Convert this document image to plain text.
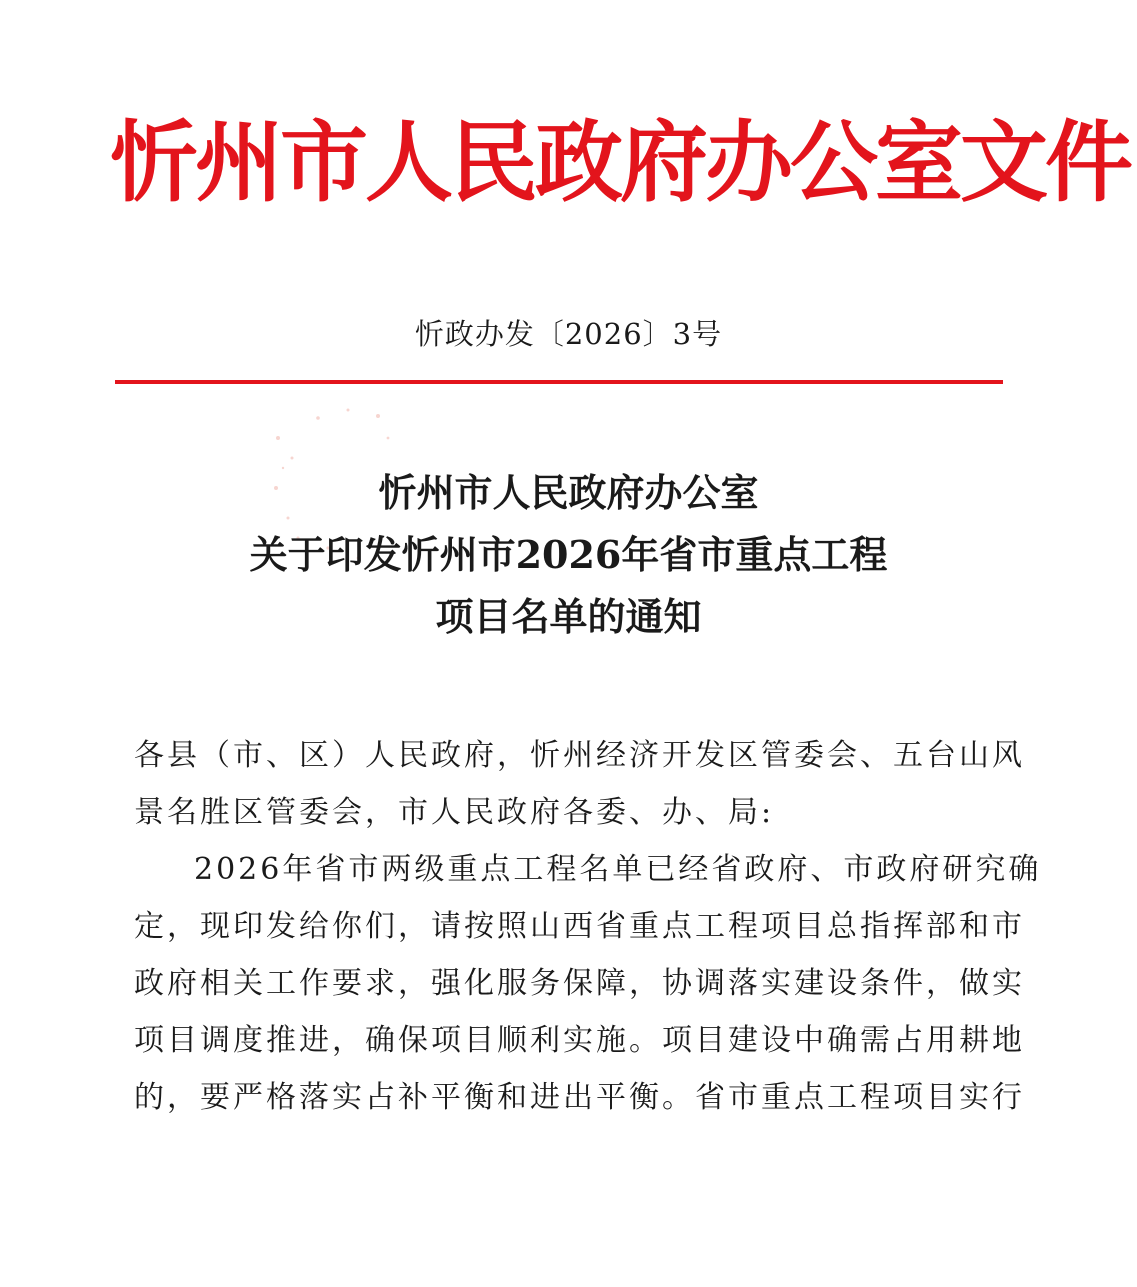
忻州市人民政府办公室文件
忻政办发〔2026〕3号
忻州市人民政府办公室
关于印发忻州市2026年省市重点工程
项目名单的通知
各县（市、区）人民政府，忻州经济开发区管委会、五台山风
景名胜区管委会，市人民政府各委、办、局:
2026年省市两级重点工程名单已经省政府、市政府研究确
定，现印发给你们，请按照山西省重点工程项目总指挥部和市
政府相关工作要求，强化服务保障，协调落实建设条件，做实
项目调度推进，确保项目顺利实施。项目建设中确需占用耕地
的，要严格落实占补平衡和进出平衡。省市重点工程项目实行
